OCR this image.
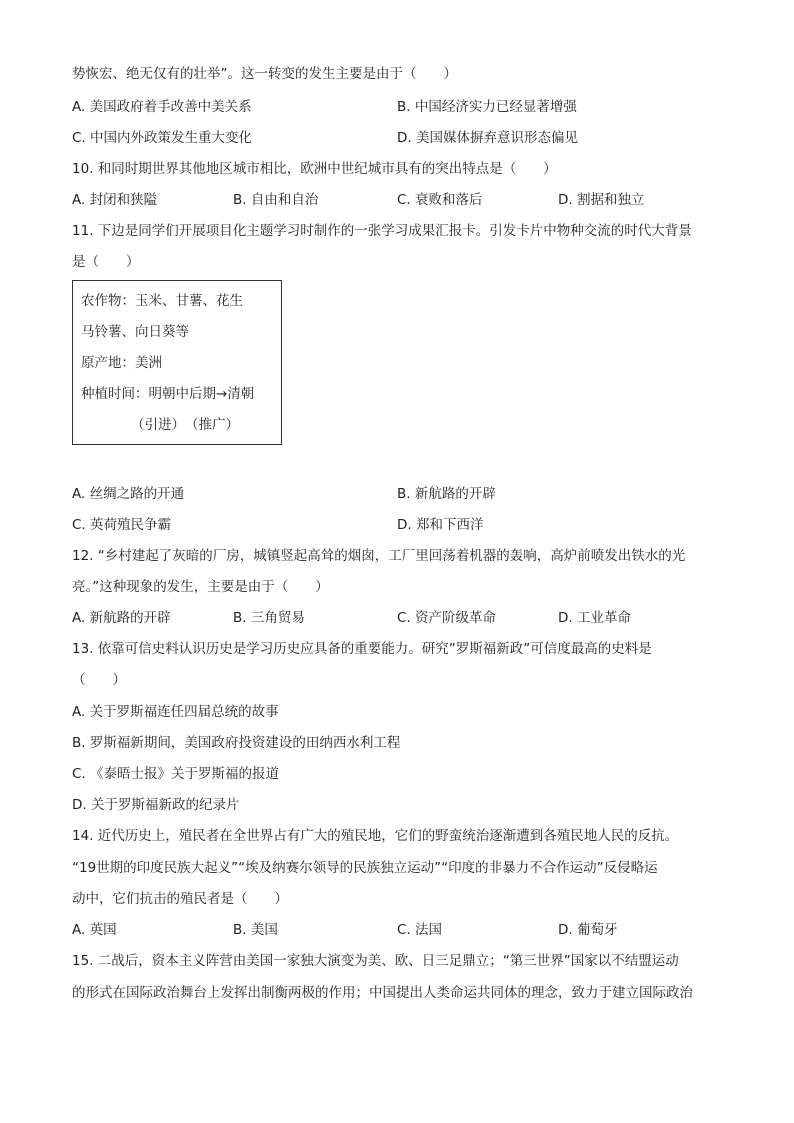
势恢宏、绝无仅有的壮举”。这一转变的发生主要是由于（　　）
A. 美国政府着手改善中美关系	B. 中国经济实力已经显著增强
C. 中国内外政策发生重大变化	D. 美国媒体摒弃意识形态偏见
10. 和同时期世界其他地区城市相比，欧洲中世纪城市具有的突出特点是（　　）
A. 封闭和狭隘	B. 自由和自治	C. 衰败和落后	D. 割据和独立
11. 下边是同学们开展项目化主题学习时制作的一张学习成果汇报卡。引发卡片中物种交流的时代大背景
是（　　）
农作物：玉米、甘薯、花生
马铃薯、向日葵等
原产地：美洲
种植时间：明朝中后期→清朝
（引进）　（推广）
A. 丝绸之路的开通	B. 新航路的开辟
C. 英荷殖民争霸	D. 郑和下西洋
12. “乡村建起了灰暗的厂房，城镇竖起高耸的烟囱，工厂里回荡着机器的轰响，高炉前喷发出铁水的光
亮。”这种现象的发生，主要是由于（　　）
A. 新航路的开辟	B. 三角贸易	C. 资产阶级革命	D. 工业革命
13. 依靠可信史料认识历史是学习历史应具备的重要能力。研究”罗斯福新政”可信度最高的史料是
（　　）
A. 关于罗斯福连任四届总统的故事
B. 罗斯福新期间，美国政府投资建设的田纳西水利工程
C. 《泰晤士报》关于罗斯福的报道
D. 关于罗斯福新政的纪录片
14. 近代历史上，殖民者在全世界占有广大的殖民地，它们的野蛮统治逐渐遭到各殖民地人民的反抗。
“19世期的印度民族大起义”“埃及纳赛尔领导的民族独立运动”“印度的非暴力不合作运动”反侵略运
动中，它们抗击的殖民者是（　　）
A. 英国	B. 美国	C. 法国	D. 葡萄牙
15. 二战后，资本主义阵营由美国一家独大演变为美、欧、日三足鼎立；“第三世界”国家以不结盟运动
的形式在国际政治舞台上发挥出制衡两极的作用；中国提出人类命运共同体的理念，致力于建立国际政治
